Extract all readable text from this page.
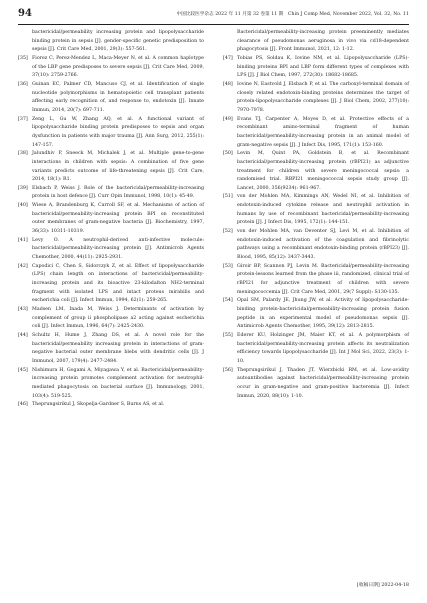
94	中国比较医学杂志 2022 年 11 月第 32 卷第 11 期　Chin J Comp Med, November 2022, Vol. 32, No. 11
bactericidal/permeability increasing protein and lipopolysaccharide binding protein in sepsis [J]. gender-specific genetic predisposition to sepsis [J]. Crit Care Med, 2001, 29(3): 557-561.
[35] Fiorez C, Perez-Mendez L, Maca-Meyer N, et al. A common haplotype of the LBP gene predisposes to severe sepsis [J]. Crit Care Med, 2009, 37(10): 2759-2766.
[36] Guinan EC, Palmer CD, Mancuso CJ, et al. Identification of single nucleotide polymorphisms in hematopoietic cell transplant patients affecting early recognition of, and response to, endotoxin [J]. Innate Immun, 2014, 20(7): 697-711.
[37] Zeng L, Gu W, Zhang AQ, et al. A functional variant of lipopolysaccharide binding protein predisposes to sepsis and organ dysfunction in patients with major trauma [J]. Ann Surg, 2012, 255(1): 147-157.
[38] Jalundhiv P, Sneeck M, Michalek J, et al. Multiple gene-to-gene interactions in children with sepsis: A combination of five gene variants predicts outcome of life-threatening sepsis [J]. Crit Care, 2014, 18(1): R1.
[39] Elsbach P, Weiss J. Role of the bactericidal/permeability-increasing protein in host defence [J]. Curr Opin Immunol, 1998, 10(1): 45-49.
[40] Wiese A, Brandenburg K, Carroll SF, et al. Mechanisms of action of bactericidal/permeability-increasing protein BPI on reconstituted outer membranes of gram-negative bacteria [J]. Biochemistry, 1997, 36(33): 10311-10319.
[41] Levy O. A neutrophil-derived anti-infective molecule: bactericidal/permeability-increasing protein [J]. Antimicrob Agents Chemother, 2000, 44(11): 2925-2931.
[42] Capodici C, Chen S, Sidorczyk Z, et al. Effect of lipopolysaccharide (LPS) chain length on interactions of bactericidal/permeability-increasing protein and its bioactive 23-kilodalton NH2-terminal fragment with isolated LPS and intact proteus mirabilis and escherichia coli [J]. Infect Immun, 1994, 62(1): 259-265.
[43] Madsen LM, Inada M, Weiss J. Determinants of activation by complement of group ii phospholipase a2 acting against escherichia coli [J]. Infect Immun, 1996, 64(7): 2425-2430.
[44] Schultz H, Hume J, Zhang DS, et al. A novel role for the bactericidal/permeability increasing protein in interactions of gram-negative bacterial outer membrane blebs with dendritic cells [J]. J Immunol, 2007, 179(4): 2477-2484.
[45] Nishimura H, Gogami A, Miyagawa Y, et al. Bactericidal/permeability-increasing protein promotes complement activation for neutrophil-mediated phagocytosis on bacterial surface [J]. Immunology, 2001, 103(4): 519-525.
[46] Theprungsirikul J, Skopelja-Gardner S, Burns AS, et al.
Bactericidal/permeability-increasing protein preeminently mediates clearance of pseudomonas aeruginosa in vivo via cd18-dependent phagocytosis [J]. Front Immunol, 2021, 12: 1-12.
[47] Tobias PS, Soldau K, Iovine NM, et al. Lipopolysaccharide (LPS)-binding proteins BPI and LBP form different types of complexes with LPS [J]. J Biol Chem, 1997, 272(30): 18682-18685.
[48] Iovine N, Eastvold J, Elsbach P, et al. The carboxyl-terminal domain of closely related endotoxin-binding proteins determines the target of protein-lipopolysaccharide complexes [J]. J Biol Chem, 2002, 277(10): 7970-7978.
[49] Evans TJ, Carpenter A, Moyes D, et al. Protective effects of a recombinant amino-terminal fragment of human bactericidal/permeability-increasing protein in an animal model of gram-negative sepsis [J]. J Infect Dis, 1995, 171(1): 153-160.
[50] Levin M, Quint PA, Goldstein B, et al. Recombinant bactericidal/permeability-increasing protein (rBPI21) as adjunctive treatment for children with severe meningococcal sepsis: a randomised trial. RBPI21 meningococcal sepsis study group [J]. Lancet, 2000, 356(9234): 961-967.
[51] von der Mohlen MA, Kimmings AN, Wedel NI, et al. Inhibition of endotoxin-induced cytokine release and neutrophil activation in humans by use of recombinant bactericidal/permeability-increasing protein [J]. J Infect Dis, 1995, 172(1): 144-151.
[52] von der Mohlen MA, van Deventer SJ, Levi M, et al. Inhibition of endotoxin-induced activation of the coagulation and fibrinolytic pathways using a recombinant endotoxin-binding protein (rBPI23) [J]. Blood, 1995, 85(12): 3437-3443.
[53] Giroir BP, Scannon PJ, Levin M. Bactericidal/permeability-increasing protein-lessons learned from the phase iii, randomized, clinical trial of rBPI21 for adjunctive treatment of children with severe meningococcemia [J]. Crit Care Med, 2001, 29(7 Suppl): S130-135.
[54] Opal SM, Palardy JE, Jhung JW, et al. Activity of lipopolysaccharide-binding protein-bactericidal/permeability-increasing protein fusion peptide in an experimental model of pseudomonas sepsis [J]. Antimicrob Agents Chemother, 1995, 39(12): 2813-2815.
[55] Ederer KU, Holzinger JM, Maier KT, et al. A polymorphism of bactericidal/permeability-increasing protein affects its neutralization efficiency towards lipopolysaccharide [J]. Int J Mol Sci, 2022, 23(3): 1-10.
[56] Theprungsirikul J, Thaden JT, Wierzbicki RM, et al. Low-avidity autoantibodies against bactericidal/permeability-increasing protein occur in gram-negative and gram-positive bacteremia [J]. Infect Immun, 2020, 88(10): 1-10.
[收稿日期] 2022-04-18
